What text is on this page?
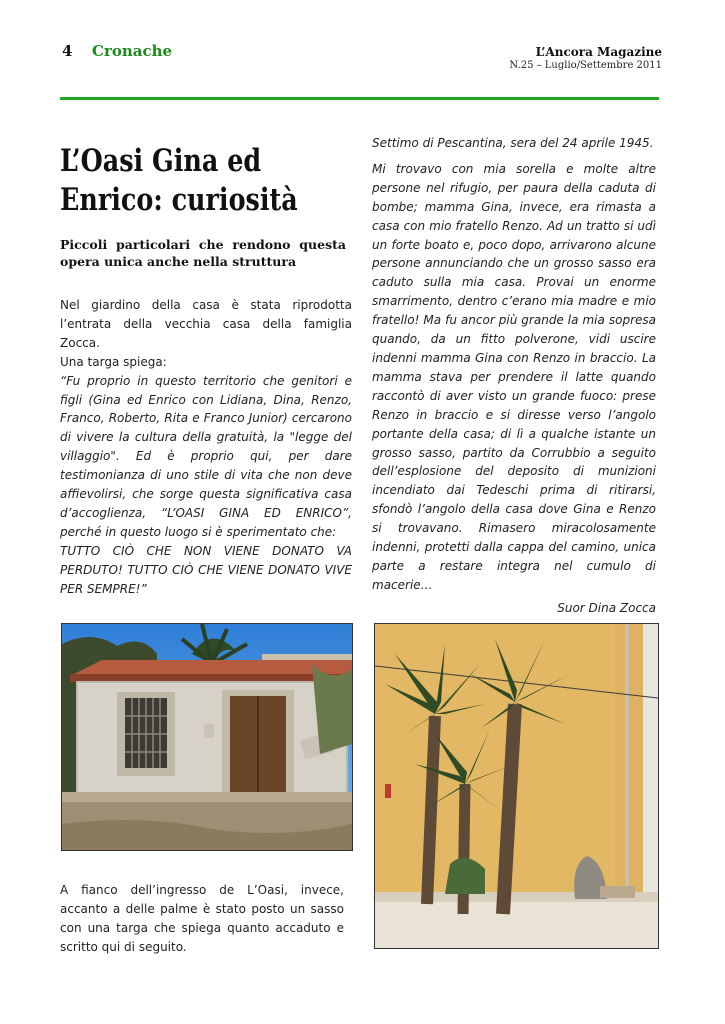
4 Cronache	L’Ancora Magazine
N.25 – Luglio/Settembre 2011
L’Oasi Gina ed Enrico: curiosità
Piccoli particolari che rendono questa opera unica anche nella struttura

Nel giardino della casa è stata riprodotta l’entrata della vecchia casa della famiglia Zocca.

Una targa spiega:

“Fu proprio in questo territorio che genitori e figli (Gina ed Enrico con Lidiana, Dina, Renzo, Franco, Roberto, Rita e Franco Junior) cercarono di vivere la cultura della gratuità, la "legge del villaggio". Ed è proprio qui, per dare testimonianza di uno stile di vita che non deve affievolirsi, che sorge questa significativa casa d’accoglienza, “L’OASI GINA ED ENRICO”, perché in questo luogo si è sperimentato che:

TUTTO CIÒ CHE NON VIENE DONATO VA PERDUTO! TUTTO CIÒ CHE VIENE DONATO VIVE PER SEMPRE!”

Settimo di Pescantina, sera del 24 aprile 1945.

Mi trovavo con mia sorella e molte altre persone nel rifugio, per paura della caduta di bombe; mamma Gina, invece, era rimasta a casa con mio fratello Renzo. Ad un tratto si udì un forte boato e, poco dopo, arrivarono alcune persone annunciando che un grosso sasso era caduto sulla mia casa. Provai un enorme smarrimento, dentro c’erano mia madre e mio fratello! Ma fu ancor più grande la mia sopresa quando, da un fitto polverone, vidi uscire indenni mamma Gina con Renzo in braccio. La mamma stava per prendere il latte quando raccontò di aver visto un grande fuoco: prese Renzo in braccio e si diresse verso l’angolo portante della casa; di lì a qualche istante un grosso sasso, partito da Corrubbio a seguito dell’esplosione del deposito di munizioni incendiato dai Tedeschi prima di ritirarsi, sfondò l’angolo della casa dove Gina e Renzo si trovavano. Rimasero miracolosamente indenni, protetti dalla cappa del camino, unica parte a restare integra nel cumulo di macerie…

Suor Dina Zocca

A fianco dell’ingresso de L’Oasi, invece, accanto a delle palme è stato posto un sasso con una targa che spiega quanto accaduto e scritto qui di seguito.
